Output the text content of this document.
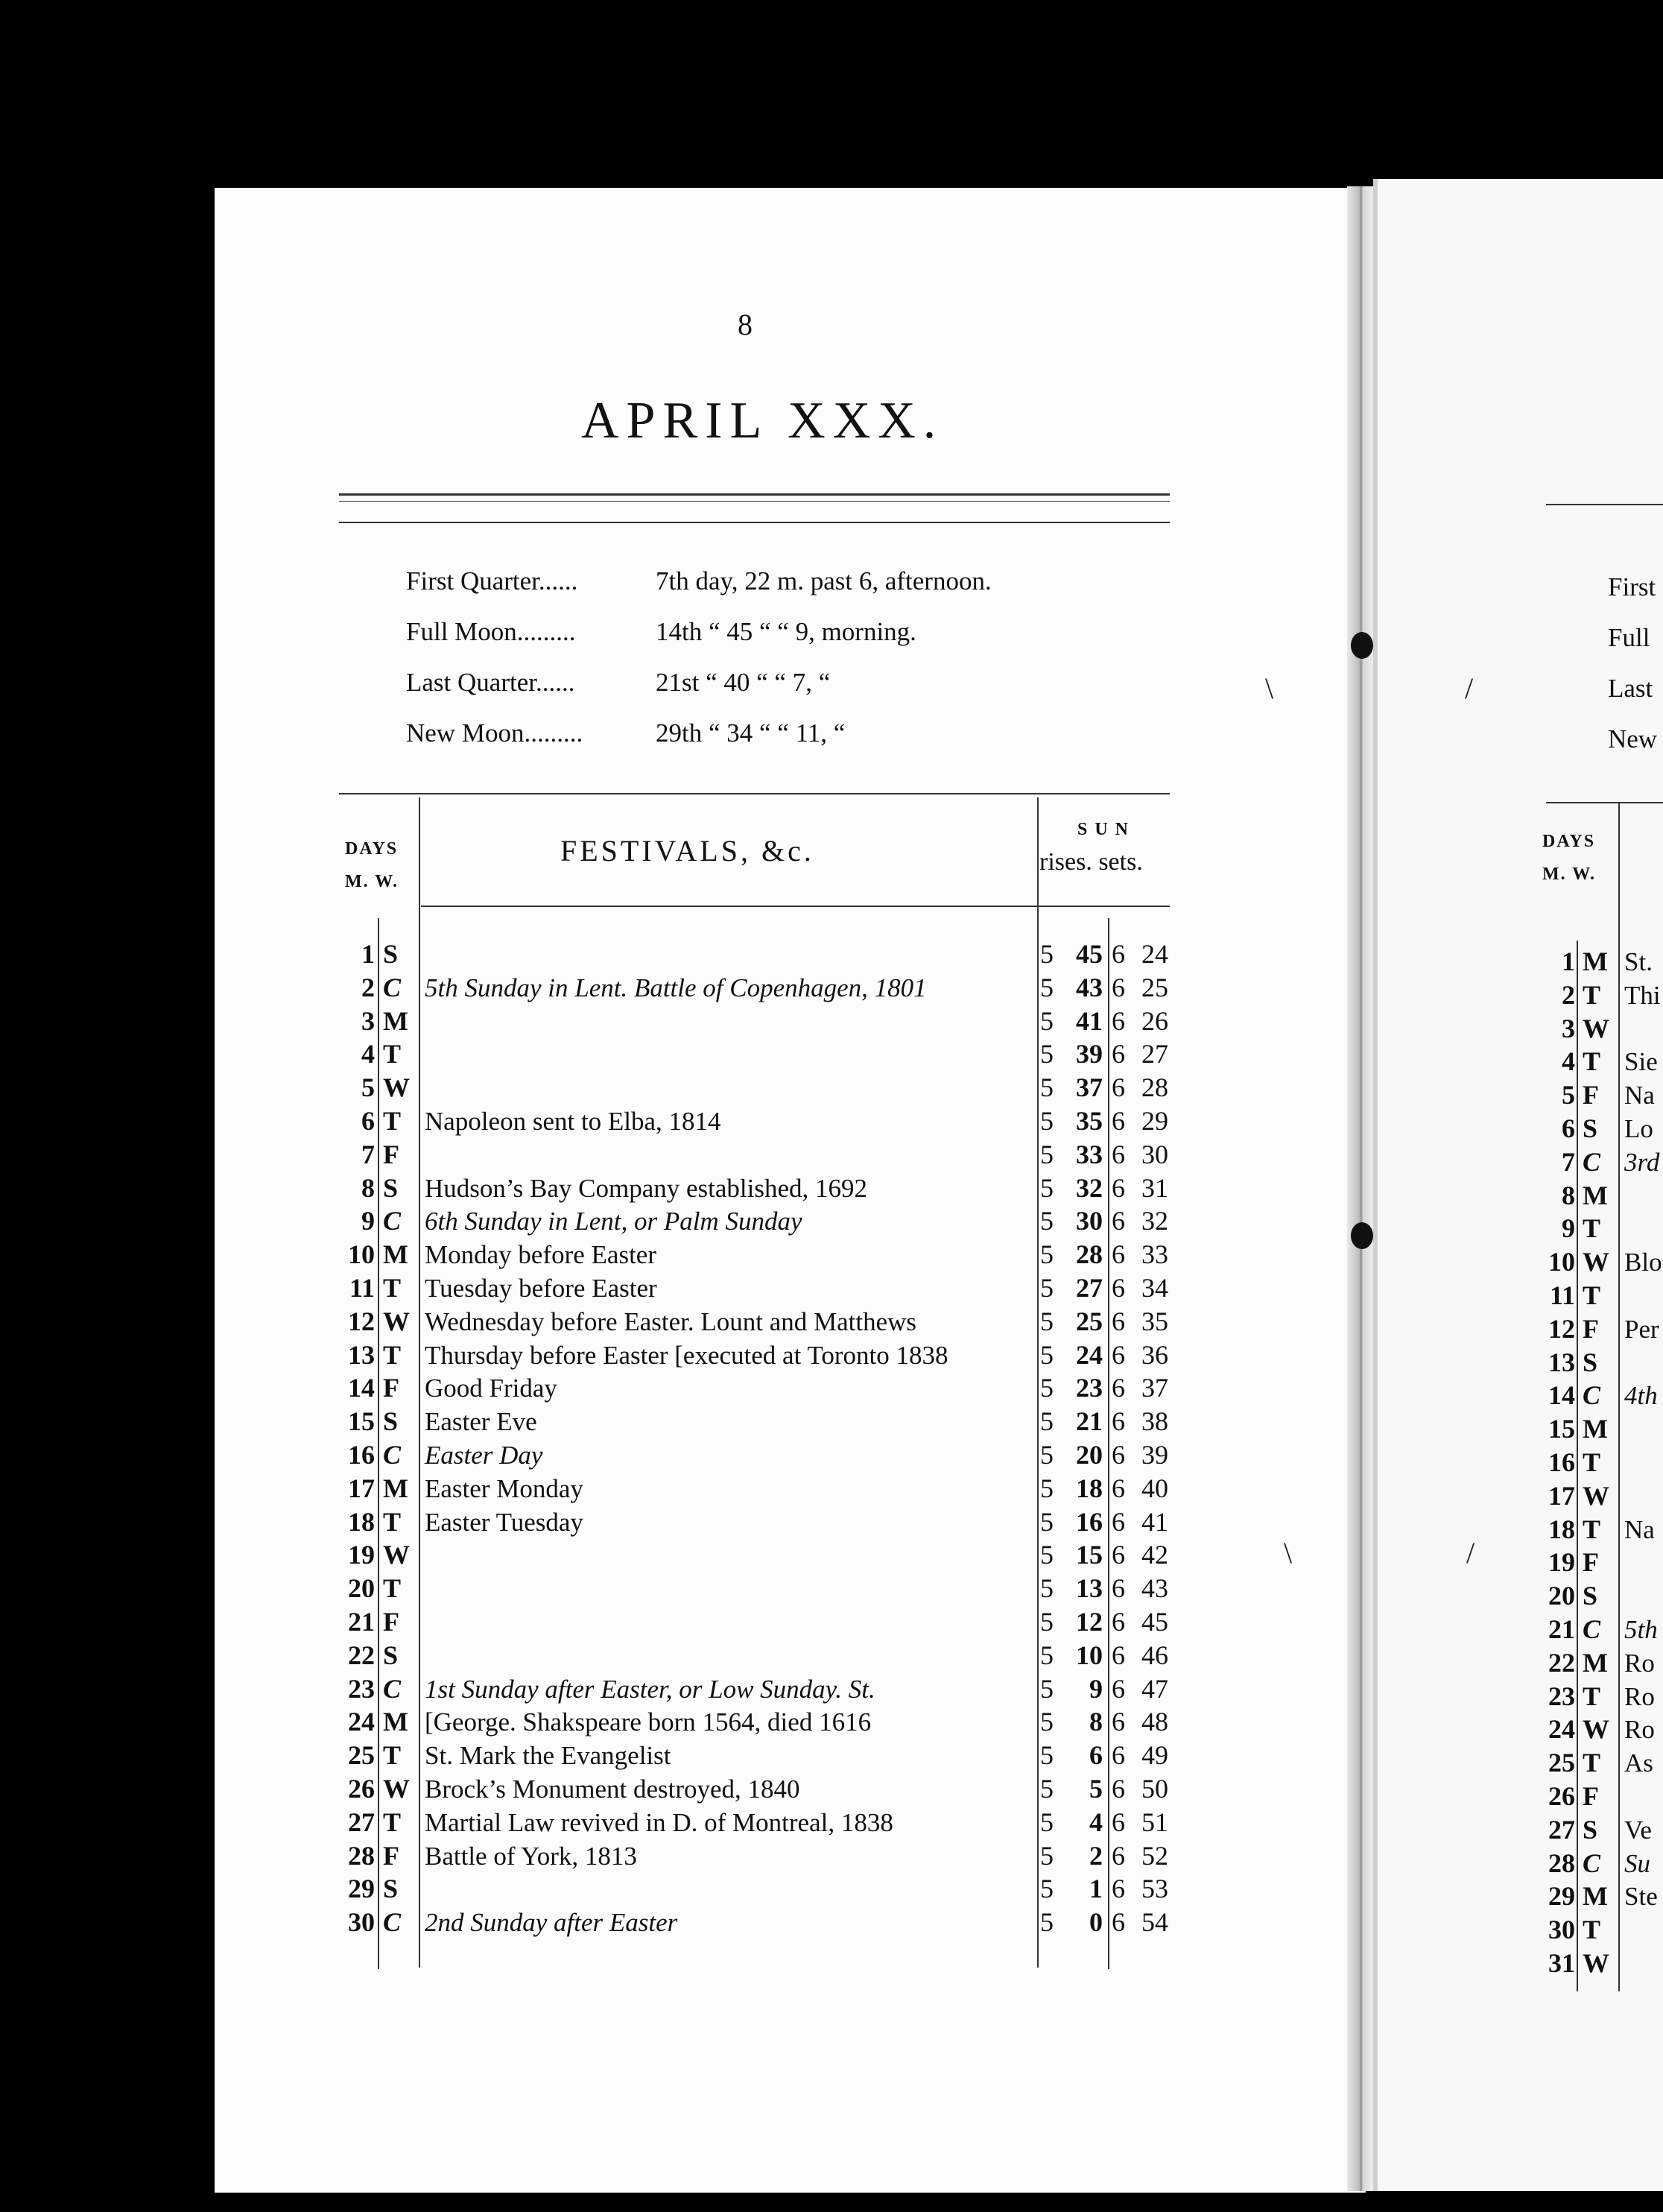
8
APRIL XXX.
First Quarter......	7th day, 22 m. past 6, afternoon.
Full Moon.........	14th “ 45 “ “ 9, morning.
Last Quarter......	21st “ 40 “ “ 7, “
New Moon.........	29th “ 34 “ “ 11, “
DAYS
M. W.
FESTIVALS, &c.
S U N
rises. sets.
1 S	5 45 6 24
2 C 5th Sunday in Lent. Battle of Copenhagen, 1801	5 43 6 25
3 M	5 41 6 26
4 T	5 39 6 27
5 W	5 37 6 28
6 T Napoleon sent to Elba, 1814	5 35 6 29
7 F	5 33 6 30
8 S Hudson’s Bay Company established, 1692	5 32 6 31
9 C 6th Sunday in Lent, or Palm Sunday	5 30 6 32
10 M Monday before Easter	5 28 6 33
11 T Tuesday before Easter	5 27 6 34
12 W Wednesday before Easter. Lount and Matthews	5 25 6 35
13 T Thursday before Easter [executed at Toronto 1838	5 24 6 36
14 F Good Friday	5 23 6 37
15 S Easter Eve	5 21 6 38
16 C Easter Day	5 20 6 39
17 M Easter Monday	5 18 6 40
18 T Easter Tuesday	5 16 6 41
19 W	5 15 6 42
20 T	5 13 6 43
21 F	5 12 6 45
22 S	5 10 6 46
23 C 1st Sunday after Easter, or Low Sunday. St.	5	9 6 47
24 M [George. Shakspeare born 1564, died 1616	5	8 6 48
25 T St. Mark the Evangelist	5	6 6 49
26 W Brock’s Monument destroyed, 1840	5	5 6 50
27 T Martial Law revived in D. of Montreal, 1838	5	4 6 51
28 F Battle of York, 1813	5	2 6 52
29 S	5	1 6 53
30 C 2nd Sunday after Easter	5	0 6 54
First
Full
Last
New
DAYS
M. W.
1 M St.
2 T Thi
3 W
4 T Sie
5 F Na
6 S Lo
7 C 3rd
8 M
9 T
10 W Blo
11 T
12 F Per
13 S
14 C 4th
15 M
16 T
17 W
18 T Na
19 F
20 S
21 C 5th
22 M Ro
23 T Ro
24 W Ro
25 T As
26 F
27 S Ve
28 C Su
29 M Ste
30 T
31 W
\	/
\	/
